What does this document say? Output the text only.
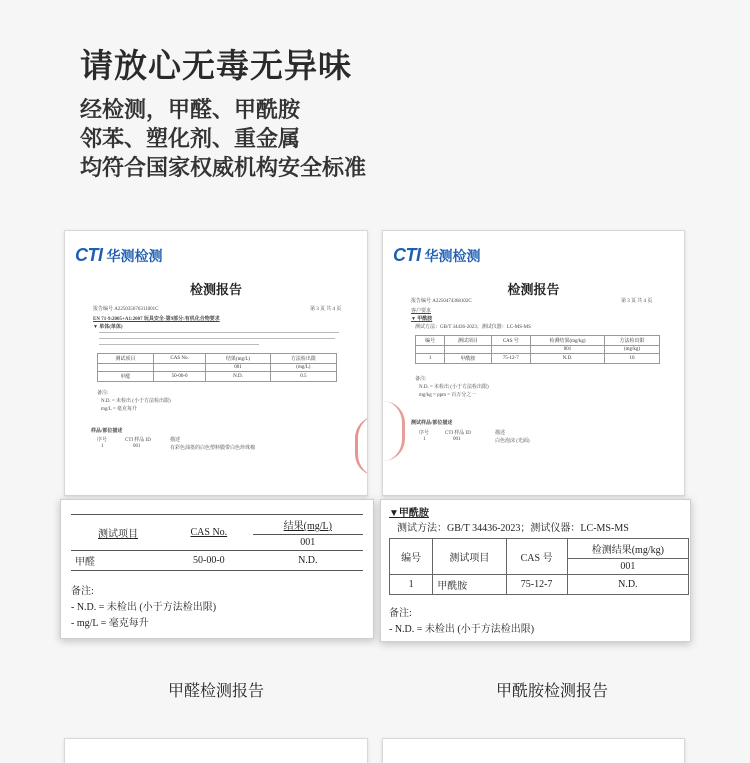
请放心无毒无异味
经检测，甲醛、甲酰胺
邻苯、塑化剂、重金属
均符合国家权威机构安全标准
CTI 华测检测
检测报告
报告编号 A225035676311001C	第 3 页 共 4 页
EN 71-9:2005+A1:2007 玩具安全-第9部分:有机化合物要求
▼ 单体(单体)
测试项目	CAS No.	结果(mg/L)	方法检出限
		001	(mg/L)
甲醛	50-00-0	N.D.	0.5
备注:
N.D. = 未检出 (小于方法检出限)
mg/L = 毫克每升
样品/部位描述
序号	CTI 样品 ID	描述
1	001	有彩色油墨的白色塑料膜带白色珍珠棉
CTI 华测检测
检测报告
报告编号 A2250474368102C	第 3 页 共 4 页
客户要求
▼ 甲酰胺
测试方法：GB/T 34436-2023；测试仪器：LC-MS-MS
编号	测试项目	CAS 号	检测结果(mg/kg)	方法检出限
			001	(mg/kg)
1	甲酰胺	75-12-7	N.D.	10
备注:
N.D. = 未检出 (小于方法检出限)
mg/kg = ppm = 百万分之一
测试样品/部位描述
序号	CTI 样品 ID	描述
1	001	白色泡沫 (光面)
测试项目	CAS No.	结果(mg/L)
		001
甲醛	50-00-0	N.D.
备注:
- N.D. = 未检出 (小于方法检出限)
- mg/L = 毫克每升
▼甲酰胺
测试方法：GB/T 34436-2023；测试仪器：LC-MS-MS
编号	测试项目	CAS 号	检测结果(mg/kg)
			001
1	甲酰胺	75-12-7	N.D.
备注:
- N.D. = 未检出 (小于方法检出限)
甲醛检测报告	甲酰胺检测报告
